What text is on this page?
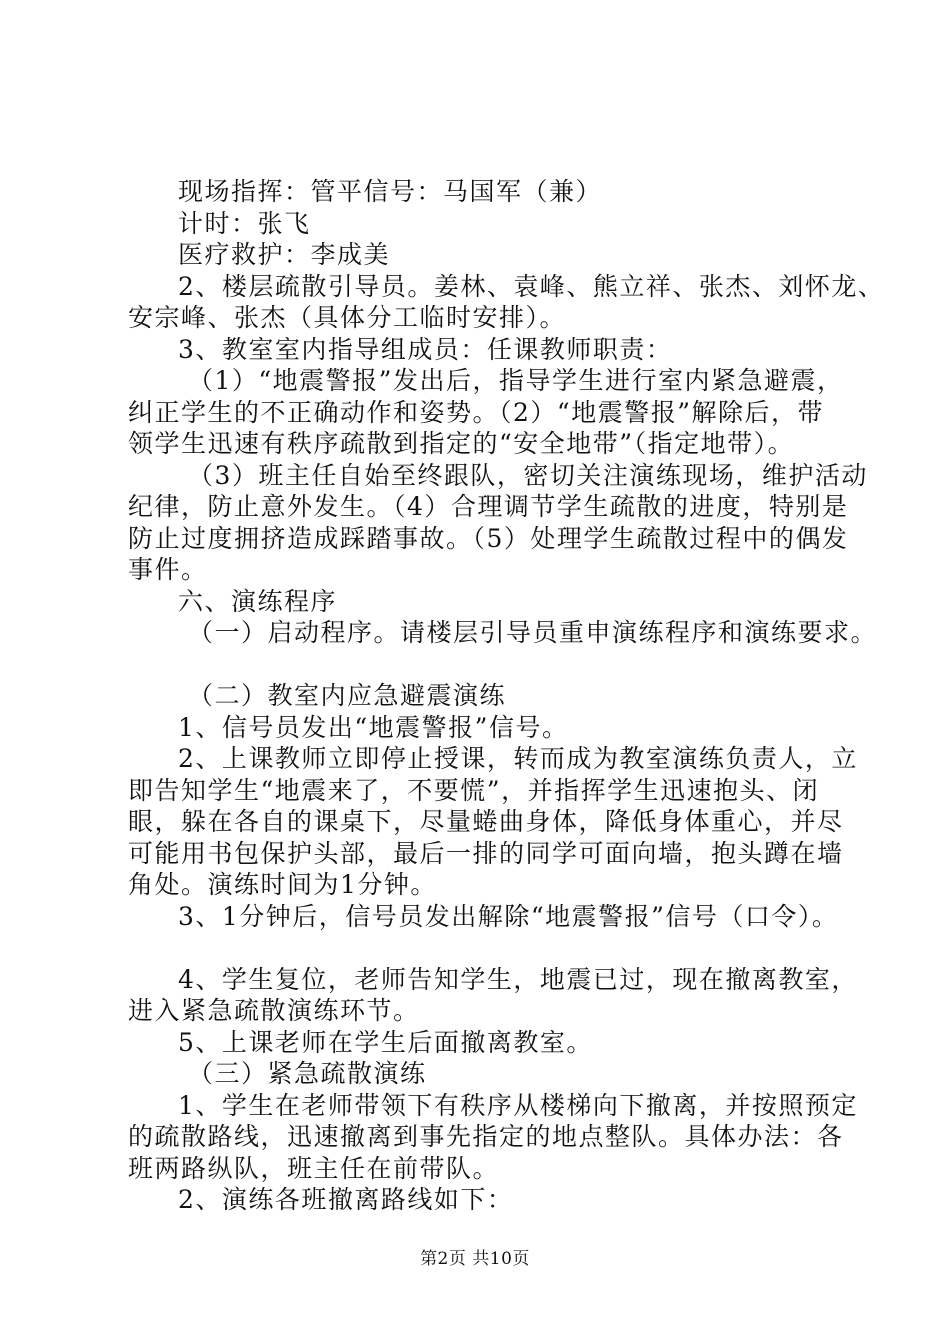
现场指挥：管平信号：马国军（兼）
计时：张飞
医疗救护：李成美
2、楼层疏散引导员。姜林、袁峰、熊立祥、张杰、刘怀龙、
安宗峰、张杰（具体分工临时安排）。
3、教室室内指导组成员：任课教师职责：
（1）“地震警报”发出后，指导学生进行室内紧急避震，
纠正学生的不正确动作和姿势。（2）“地震警报”解除后，带
领学生迅速有秩序疏散到指定的“安全地带”（指定地带）。
（3）班主任自始至终跟队，密切关注演练现场，维护活动
纪律，防止意外发生。（4）合理调节学生疏散的进度，特别是
防止过度拥挤造成踩踏事故。（5）处理学生疏散过程中的偶发
事件。
六、演练程序
（一）启动程序。请楼层引导员重申演练程序和演练要求。
（二）教室内应急避震演练
1、信号员发出“地震警报”信号。
2、上课教师立即停止授课，转而成为教室演练负责人，立
即告知学生“地震来了，不要慌”，并指挥学生迅速抱头、闭
眼，躲在各自的课桌下，尽量蜷曲身体，降低身体重心，并尽
可能用书包保护头部，最后一排的同学可面向墙，抱头蹲在墙
角处。演练时间为1分钟。
3、1分钟后，信号员发出解除“地震警报”信号（口令）。
4、学生复位，老师告知学生，地震已过，现在撤离教室，
进入紧急疏散演练环节。
5、上课老师在学生后面撤离教室。
（三）紧急疏散演练
1、学生在老师带领下有秩序从楼梯向下撤离，并按照预定
的疏散路线，迅速撤离到事先指定的地点整队。具体办法：各
班两路纵队，班主任在前带队。
2、演练各班撤离路线如下：
第2页 共10页
